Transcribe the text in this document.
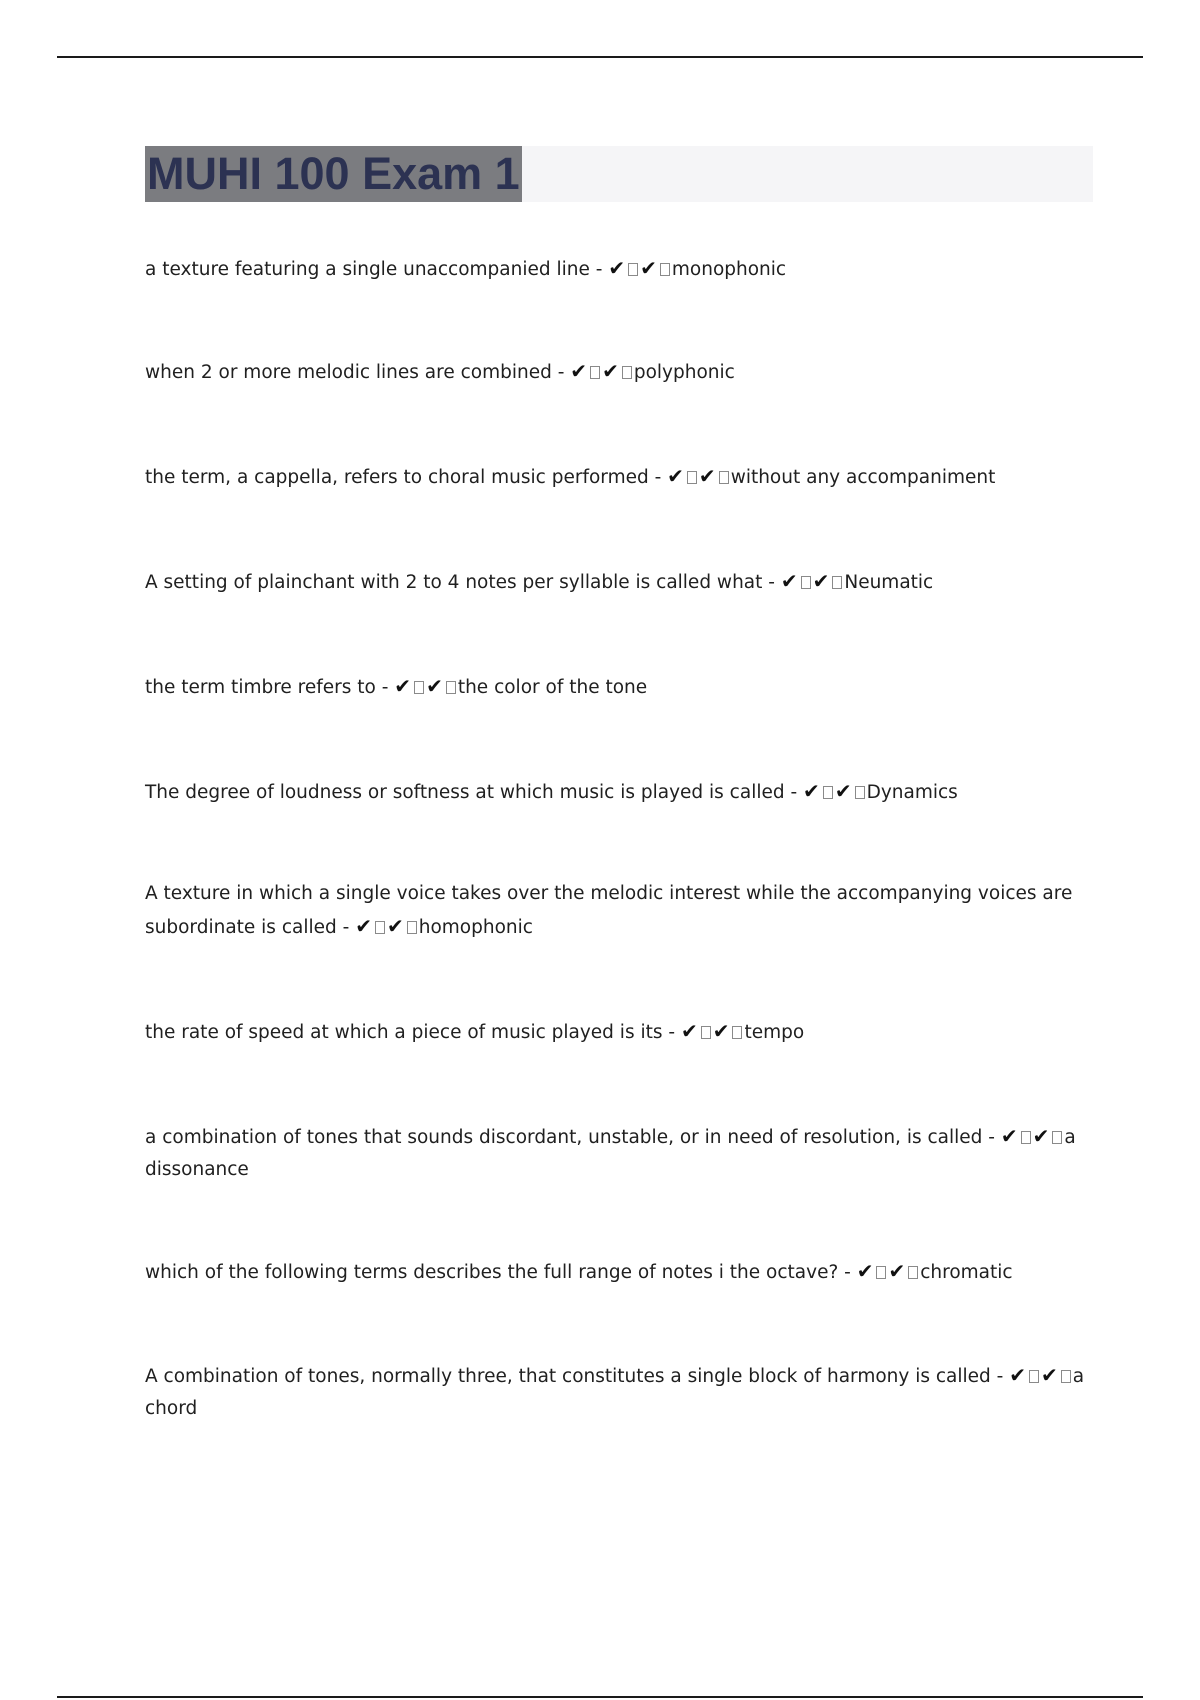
MUHI 100 Exam 1
a texture featuring a single unaccompanied line - ✔ ✔ monophonic
when 2 or more melodic lines are combined - ✔ ✔ polyphonic
the term, a cappella, refers to choral music performed - ✔ ✔ without any accompaniment
A setting of plainchant with 2 to 4 notes per syllable is called what - ✔ ✔ Neumatic
the term timbre refers to - ✔ ✔ the color of the tone
The degree of loudness or softness at which music is played is called - ✔ ✔ Dynamics
A texture in which a single voice takes over the melodic interest while the accompanying voices are subordinate is called - ✔ ✔ homophonic
the rate of speed at which a piece of music played is its - ✔ ✔ tempo
a combination of tones that sounds discordant, unstable, or in need of resolution, is called - ✔ ✔ a dissonance
which of the following terms describes the full range of notes i the octave? - ✔ ✔ chromatic
A combination of tones, normally three, that constitutes a single block of harmony is called - ✔ ✔ a chord
